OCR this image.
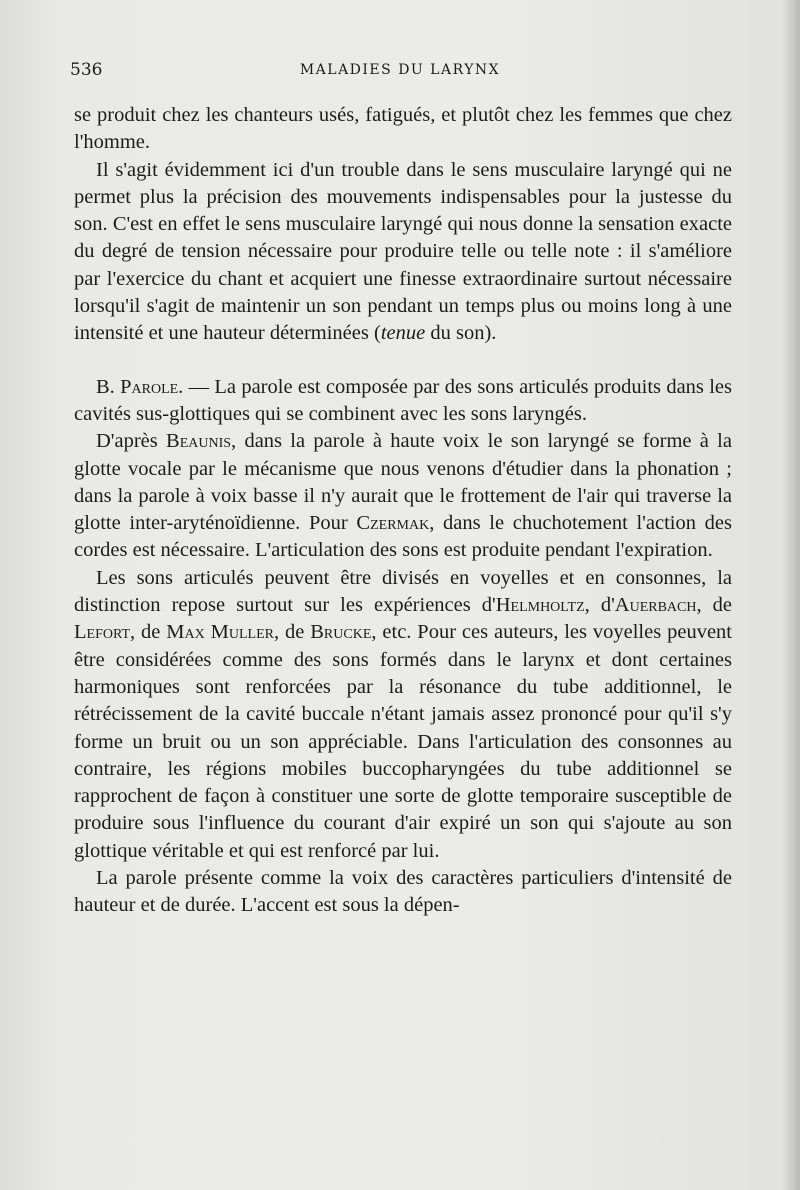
536	MALADIES DU LARYNX

se produit chez les chanteurs usés, fatigués, et plutôt chez les femmes que chez l'homme.

Il s'agit évidemment ici d'un trouble dans le sens musculaire laryngé qui ne permet plus la précision des mouvements indispensables pour la justesse du son. C'est en effet le sens musculaire laryngé qui nous donne la sensation exacte du degré de tension nécessaire pour produire telle ou telle note : il s'améliore par l'exercice du chant et acquiert une finesse extraordinaire surtout nécessaire lorsqu'il s'agit de maintenir un son pendant un temps plus ou moins long à une intensité et une hauteur déterminées (tenue du son).

B. Parole. — La parole est composée par des sons articulés produits dans les cavités sus-glottiques qui se combinent avec les sons laryngés.

D'après Beaunis, dans la parole à haute voix le son laryngé se forme à la glotte vocale par le mécanisme que nous venons d'étudier dans la phonation ; dans la parole à voix basse il n'y aurait que le frottement de l'air qui traverse la glotte inter-aryténoïdienne. Pour Czermak, dans le chuchotement l'action des cordes est nécessaire. L'articulation des sons est produite pendant l'expiration.

Les sons articulés peuvent être divisés en voyelles et en consonnes, la distinction repose surtout sur les expériences d'Helmholtz, d'Auerbach, de Lefort, de Max Muller, de Brucke, etc. Pour ces auteurs, les voyelles peuvent être considérées comme des sons formés dans le larynx et dont certaines harmoniques sont renforcées par la résonance du tube additionnel, le rétrécissement de la cavité buccale n'étant jamais assez prononcé pour qu'il s'y forme un bruit ou un son appréciable. Dans l'articulation des consonnes au contraire, les régions mobiles buccopharyngées du tube additionnel se rapprochent de façon à constituer une sorte de glotte temporaire susceptible de produire sous l'influence du courant d'air expiré un son qui s'ajoute au son glottique véritable et qui est renforcé par lui.

La parole présente comme la voix des caractères particuliers d'intensité de hauteur et de durée. L'accent est sous la dépen-
